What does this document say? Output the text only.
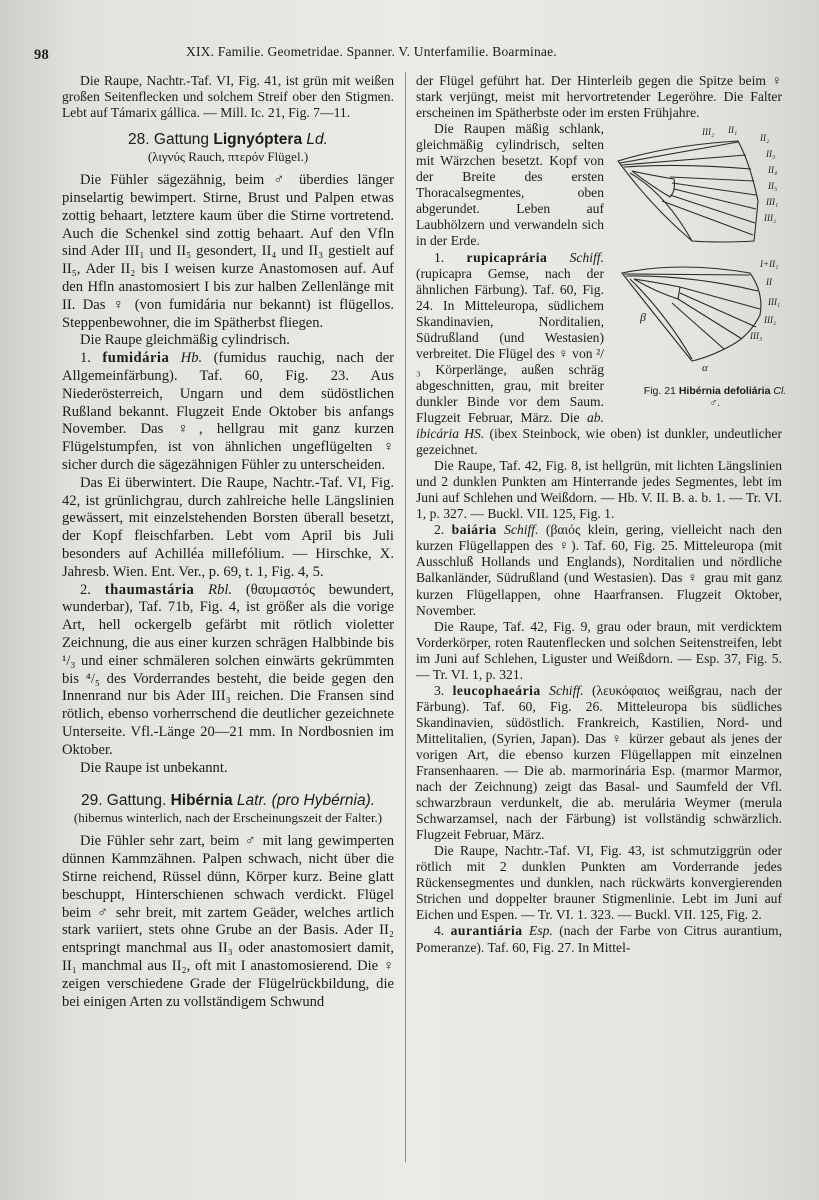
98	XIX. Familie. Geometridae. Spanner. V. Unterfamilie. Boarminae.

Die Raupe, Nachtr.-Taf. VI, Fig. 41, ist grün mit weißen großen Seitenflecken und solchem Streif ober den Stigmen. Lebt auf Támarix gállica. — Mill. Ic. 21, Fig. 7—11.

28. Gattung Lignyóptera Ld.
(λιγνύς Rauch, πτερόν Flügel.)

Die Fühler sägezähnig, beim ♂ überdies länger pinselartig bewimpert. Stirne, Brust und Palpen etwas zottig behaart, letztere kaum über die Stirne vortretend. Auch die Schenkel sind zottig behaart. Auf den Vfln sind Ader III₁ und II₅ gesondert, II₄ und II₃ gestielt auf II₅, Ader II₂ bis I weisen kurze Anastomosen auf. Auf den Hfln anastomosiert I bis zur halben Zellenlänge mit II. Das ♀ (von fumidária nur bekannt) ist flügellos. Steppenbewohner, die im Spätherbst fliegen.

Die Raupe gleichmäßig cylindrisch.

1. fumidária Hb. (fumidus rauchig, nach der Allgemeinfärbung). Taf. 60, Fig. 23. Aus Niederösterreich, Ungarn und dem südöstlichen Rußland bekannt. Flugzeit Ende Oktober bis anfangs November. Das ♀, hellgrau mit ganz kurzen Flügelstumpfen, ist von ähnlichen ungeflügelten ♀ sicher durch die sägezähnigen Fühler zu unterscheiden.

Das Ei überwintert. Die Raupe, Nachtr.-Taf. VI, Fig. 42, ist grünlichgrau, durch zahlreiche helle Längslinien gewässert, mit einzelstehenden Borsten überall besetzt, der Kopf fleischfarben. Lebt vom April bis Juli besonders auf Achilléa millefólium. — Hirschke, X. Jahresb. Wien. Ent. Ver., p. 69, t. 1, Fig. 4, 5.

2. thaumastária Rbl. (θαυμαστός bewundert, wunderbar), Taf. 71b, Fig. 4, ist größer als die vorige Art, hell ockergelb gefärbt mit rötlich violetter Zeichnung, die aus einer kurzen schrägen Halbbinde bis ¹/₃ und einer schmäleren solchen einwärts gekrümmten bis ⁴/₅ des Vorderrandes besteht, die beide gegen den Innenrand nur bis Ader III₃ reichen. Die Fransen sind rötlich, ebenso vorherrschend die deutlicher gezeichnete Unterseite. Vfl.-Länge 20—21 mm. In Nordbosnien im Oktober.

Die Raupe ist unbekannt.

29. Gattung. Hibérnia Latr. (pro Hybérnia).
(hibernus winterlich, nach der Erscheinungszeit der Falter.)

Die Fühler sehr zart, beim ♂ mit lang gewimperten dünnen Kammzähnen. Palpen schwach, nicht über die Stirne reichend, Rüssel dünn, Körper kurz. Beine glatt beschuppt, Hinterschienen schwach verdickt. Flügel beim ♂ sehr breit, mit zartem Geäder, welches artlich stark variiert, stets ohne Grube an der Basis. Ader II₂ entspringt manchmal aus II₃ oder anastomosiert damit, II₁ manchmal aus II₂, oft mit I anastomosierend. Die ♀ zeigen verschiedene Grade der Flügelrückbildung, die bei einigen Arten zu vollständigem Schwund

der Flügel geführt hat. Der Hinterleib gegen die Spitze beim ♀ stark verjüngt, meist mit hervortretender Legeröhre. Die Falter erscheinen im Spätherbste oder im ersten Frühjahre.

III₂ II₁
II₂
II₃
II₄
II₅
III₁
III₂
I+II₁
II
III₁
III₂
III₃
β
α
Fig. 21 Hibérnia defoliária Cl. ♂.

Die Raupen mäßig schlank, gleichmäßig cylindrisch, selten mit Wärzchen besetzt. Kopf von der Breite des ersten Thoracalsegmentes, oben abgerundet. Leben auf Laubhölzern und verwandeln sich in der Erde.

1. rupicaprária Schiff. (rupicapra Gemse, nach der ähnlichen Färbung). Taf. 60, Fig. 24. In Mitteleuropa, südlichem Skandinavien, Norditalien, Südrußland (und Westasien) verbreitet. Die Flügel des ♀ von ²/₃ Körperlänge, außen schräg abgeschnitten, grau, mit breiter dunkler Binde vor dem Saum. Flugzeit Februar, März. Die ab. ibicária HS. (ibex Steinbock, wie oben) ist dunkler, undeutlicher gezeichnet.

Die Raupe, Taf. 42, Fig. 8, ist hellgrün, mit lichten Längslinien und 2 dunklen Punkten am Hinterrande jedes Segmentes, lebt im Juni auf Schlehen und Weißdorn. — Hb. V. II. B. a. b. 1. — Tr. VI. 1, p. 327. — Buckl. VII. 125, Fig. 1.

2. baiária Schiff. (βαιός klein, gering, vielleicht nach den kurzen Flügellappen des ♀). Taf. 60, Fig. 25. Mitteleuropa (mit Ausschluß Hollands und Englands), Norditalien und nördliche Balkanländer, Südrußland (und Westasien). Das ♀ grau mit ganz kurzen Flügellappen, ohne Haarfransen. Flugzeit Oktober, November.

Die Raupe, Taf. 42, Fig. 9, grau oder braun, mit verdicktem Vorderkörper, roten Rautenflecken und solchen Seitenstreifen, lebt im Juni auf Schlehen, Liguster und Weißdorn. — Esp. 37, Fig. 5. — Tr. VI. 1, p. 321.

3. leucophaeária Schiff. (λευκόφαιος weißgrau, nach der Färbung). Taf. 60, Fig. 26. Mitteleuropa bis südliches Skandinavien, südöstlich. Frankreich, Kastilien, Nord- und Mittelitalien, (Syrien, Japan). Das ♀ kürzer gebaut als jenes der vorigen Art, die ebenso kurzen Flügellappen mit einzelnen Fransenhaaren. — Die ab. marmorinária Esp. (marmor Marmor, nach der Zeichnung) zeigt das Basal- und Saumfeld der Vfl. schwarzbraun verdunkelt, die ab. merulária Weymer (merula Schwarzamsel, nach der Färbung) ist vollständig schwärzlich. Flugzeit Februar, März.

Die Raupe, Nachtr.-Taf. VI, Fig. 43, ist schmutziggrün oder rötlich mit 2 dunklen Punkten am Vorderrande jedes Rückensegmentes und dunklen, nach rückwärts konvergierenden Strichen und doppelter brauner Stigmenlinie. Lebt im Juni auf Eichen und Espen. — Tr. VI. 1. 323. — Buckl. VII. 125, Fig. 2.

4. aurantiária Esp. (nach der Farbe von Citrus aurantium, Pomeranze). Taf. 60, Fig. 27. In Mittel-
